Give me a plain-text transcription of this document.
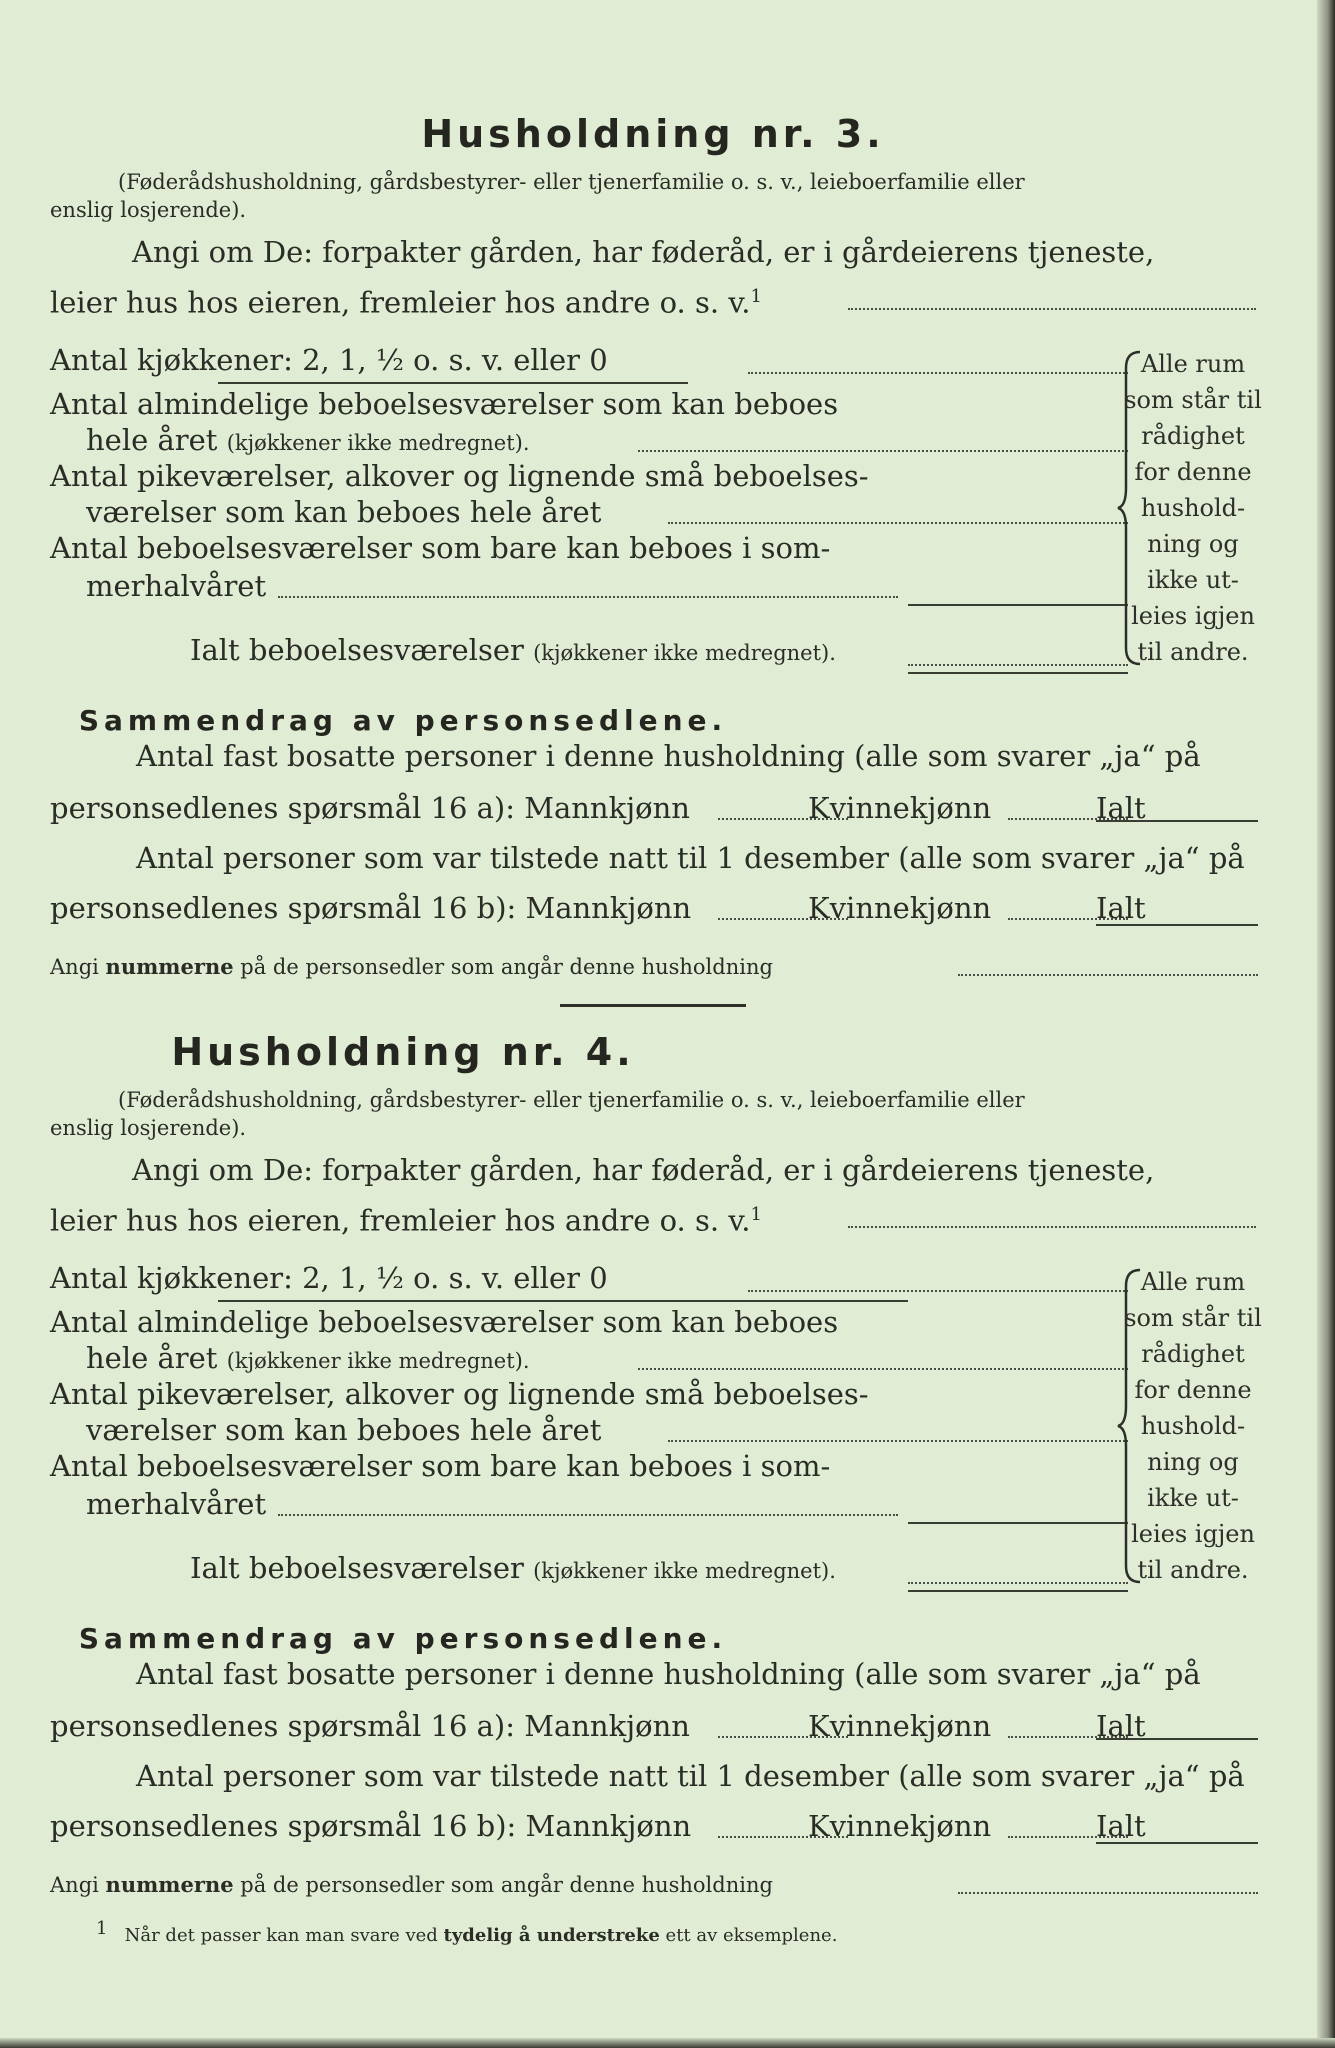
Husholdning nr. 3.
(Føderådshusholdning, gårdsbestyrer- eller tjenerfamilie o. s. v., leieboerfamilie eller
enslig losjerende).
Angi om De: forpakter gården, har føderåd, er i gårdeierens tjeneste,
leier hus hos eieren, fremleier hos andre o. s. v.$^1$
Antal kjøkkener: 2, 1, ½ o. s. v. eller 0
Antal almindelige beboelsesværelser som kan beboes
hele året (kjøkkener ikke medregnet).
Antal pikeværelser, alkover og lignende små beboelses-
værelser som kan beboes hele året
Antal beboelsesværelser som bare kan beboes i som-
merhalvåret
Ialt beboelsesværelser (kjøkkener ikke medregnet).
Alle rum
som står til
rådighet
for denne
hushold-
ning og
ikke ut-
leies igjen
til andre.
Sammendrag av personsedlene.
Antal fast bosatte personer i denne husholdning (alle som svarer „ja“ på
personsedlenes spørsmål 16 a): Mannkjønn	Kvinnekjønn	Ialt
Antal personer som var tilstede natt til 1 desember (alle som svarer „ja“ på
personsedlenes spørsmål 16 b): Mannkjønn	Kvinnekjønn	Ialt
Angi nummerne på de personsedler som angår denne husholdning
Husholdning nr. 4.
(Føderådshusholdning, gårdsbestyrer- eller tjenerfamilie o. s. v., leieboerfamilie eller
enslig losjerende).
Angi om De: forpakter gården, har føderåd, er i gårdeierens tjeneste,
leier hus hos eieren, fremleier hos andre o. s. v.$^1$
Antal kjøkkener: 2, 1, ½ o. s. v. eller 0
Antal almindelige beboelsesværelser som kan beboes
hele året (kjøkkener ikke medregnet).
Antal pikeværelser, alkover og lignende små beboelses-
værelser som kan beboes hele året
Antal beboelsesværelser som bare kan beboes i som-
merhalvåret
Ialt beboelsesværelser (kjøkkener ikke medregnet).
Alle rum
som står til
rådighet
for denne
hushold-
ning og
ikke ut-
leies igjen
til andre.
Sammendrag av personsedlene.
Antal fast bosatte personer i denne husholdning (alle som svarer „ja“ på
personsedlenes spørsmål 16 a): Mannkjønn	Kvinnekjønn	Ialt
Antal personer som var tilstede natt til 1 desember (alle som svarer „ja“ på
personsedlenes spørsmål 16 b): Mannkjønn	Kvinnekjønn	Ialt
Angi nummerne på de personsedler som angår denne husholdning
$^1$ Når det passer kan man svare ved tydelig å understreke ett av eksemplene.
